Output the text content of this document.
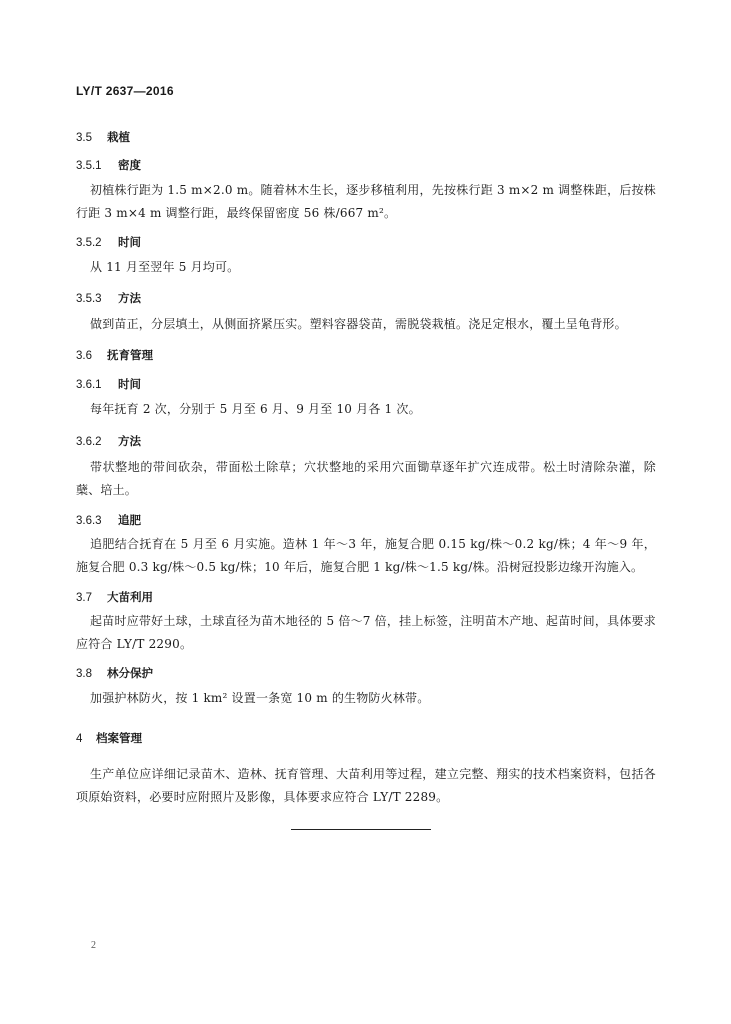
LY/T 2637—2016
3.5 栽植
3.5.1 密度
初植株行距为 1.5 m×2.0 m。随着林木生长，逐步移植利用，先按株行距 3 m×2 m 调整株距，后按株行距 3 m×4 m 调整行距，最终保留密度 56 株/667 m²。
3.5.2 时间
从 11 月至翌年 5 月均可。
3.5.3 方法
做到苗正，分层填土，从侧面挤紧压实。塑料容器袋苗，需脱袋栽植。浇足定根水，覆土呈龟背形。
3.6 抚育管理
3.6.1 时间
每年抚育 2 次，分别于 5 月至 6 月、9 月至 10 月各 1 次。
3.6.2 方法
带状整地的带间砍杂，带面松土除草；穴状整地的采用穴面锄草逐年扩穴连成带。松土时清除杂灌，除蘖、培土。
3.6.3 追肥
追肥结合抚育在 5 月至 6 月实施。造林 1 年～3 年，施复合肥 0.15 kg/株～0.2 kg/株；4 年～9 年，施复合肥 0.3 kg/株～0.5 kg/株；10 年后，施复合肥 1 kg/株～1.5 kg/株。沿树冠投影边缘开沟施入。
3.7 大苗利用
起苗时应带好土球，土球直径为苗木地径的 5 倍～7 倍，挂上标签，注明苗木产地、起苗时间，具体要求应符合 LY/T 2290。
3.8 林分保护
加强护林防火，按 1 km² 设置一条宽 10 m 的生物防火林带。
4 档案管理
生产单位应详细记录苗木、造林、抚育管理、大苗利用等过程，建立完整、翔实的技术档案资料，包括各项原始资料，必要时应附照片及影像，具体要求应符合 LY/T 2289。
2
